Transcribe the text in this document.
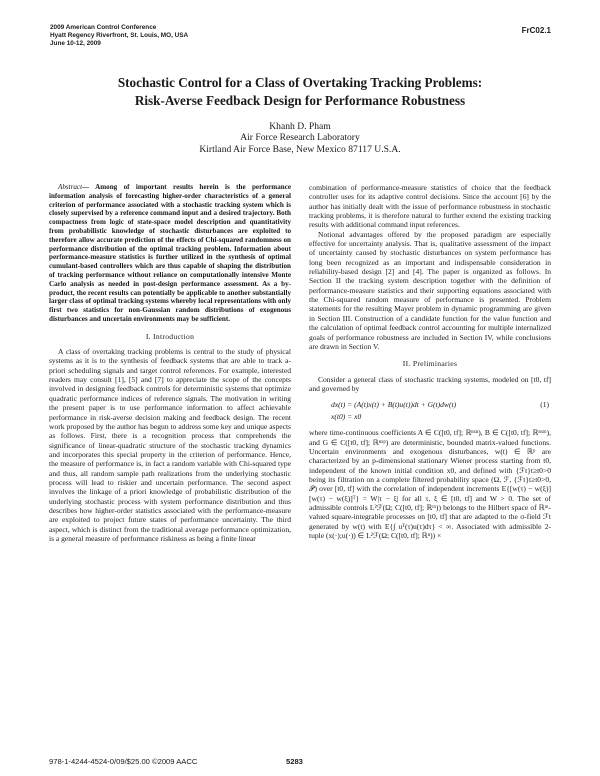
2009 American Control Conference
Hyatt Regency Riverfront, St. Louis, MO, USA
June 10-12, 2009
FrC02.1
Stochastic Control for a Class of Overtaking Tracking Problems:
Risk-Averse Feedback Design for Performance Robustness
Khanh D. Pham
Air Force Research Laboratory
Kirtland Air Force Base, New Mexico 87117 U.S.A.

Abstract— Among of important results herein is the performance information analysis of forecasting higher-order characteristics of a general criterion of performance associated with a stochastic tracking system which is closely supervised by a reference command input and a desired trajectory. Both compactness from logic of state-space model description and quantitativity from probabilistic knowledge of stochastic disturbances are exploited to therefore allow accurate prediction of the effects of Chi-squared randomness on performance distribution of the optimal tracking problem. Information about performance-measure statistics is further utilized in the synthesis of optimal cumulant-based controllers which are thus capable of shaping the distribution of tracking performance without reliance on computationally intensive Monte Carlo analysis as needed in post-design performance assessment. As a by-product, the recent results can potentially be applicable to another substantially larger class of optimal tracking systems whereby local representations with only first two statistics for non-Gaussian random distributions of exogenous disturbances and uncertain environments may be sufficient.

I. Introduction

A class of overtaking tracking problems is central to the study of physical systems as it is to the synthesis of feedback systems that are able to track a-priori scheduling signals and target control references. For example, interested readers may consult [1], [5] and [7] to appreciate the scope of the concepts involved in designing feedback controls for deterministic systems that optimize quadratic performance indices of reference signals. The motivation in writing the present paper is to use performance information to affect achievable performance in risk-averse decision making and feedback design. The recent work proposed by the author has begun to address some key and unique aspects as follows. First, there is a recognition process that comprehends the significance of linear-quadratic structure of the stochastic tracking dynamics and incorporates this special property in the criterion of performance. Hence, the measure of performance is, in fact a random variable with Chi-squared type and thus, all random sample path realizations from the underlying stochastic process will lead to riskier and uncertain performance. The second aspect involves the linkage of a priori knowledge of probabilistic distribution of the underlying stochastic process with system performance distribution and thus describes how higher-order statistics associated with the performance-measure are exploited to project future states of performance uncertainty. The third aspect, which is distinct from the traditional average performance optimization, is a general measure of performance riskiness as being a finite linear

combination of performance-measure statistics of choice that the feedback controller uses for its adaptive control decisions. Since the account [6] by the author has initially dealt with the issue of performance robustness in stochastic tracking problems, it is therefore natural to further extend the existing tracking results with additional command input references.

Notional advantages offered by the proposed paradigm are especially effective for uncertainty analysis. That is, qualitative assessment of the impact of uncertainty caused by stochastic disturbances on system performance has long been recognized as an important and indispensable consideration in reliability-based design [2] and [4]. The paper is organized as follows. In Section II the tracking system description together with the definition of performance-measure statistics and their supporting equations associated with the Chi-squared random measure of performance is presented. Problem statements for the resulting Mayer problem in dynamic programming are given in Section III. Construction of a candidate function for the value function and the calculation of optimal feedback control accounting for multiple internalized goals of performance robustness are included in Section IV, while conclusions are drawn in Section V.

II. Preliminaries

Consider a general class of stochastic tracking systems, modeled on [t0, tf] and governed by

dx(t) = (A(t)x(t) + B(t)u(t))dt + G(t)dw(t)
x(t0) = x0
(1)

where time-continuous coefficients A ∈ C([t0, tf]; ℝⁿˣⁿ), B ∈ C([t0, tf]; ℝⁿˣᵐ), and G ∈ C([t0, tf]; ℝⁿˣᵖ) are deterministic, bounded matrix-valued functions. Uncertain environments and exogenous disturbances, w(t) ∈ ℝᵖ are characterized by an p-dimensional stationary Wiener process starting from t0, independent of the known initial condition x0, and defined with {ℱt}t≥t0>0 being its filtration on a complete filtered probability space (Ω, ℱ, {ℱt}t≥t0>0, 𝒫) over [t0, tf] with the correlation of independent increments E{[w(τ) − w(ξ)][w(τ) − w(ξ)]ᵀ} = W|τ − ξ| for all τ, ξ ∈ [t0, tf] and W > 0. The set of admissible controls L²ℱ(Ω; C([t0, tf]; ℝᵐ)) belongs to the Hilbert space of ℝᵐ-valued square-integrable processes on [t0, tf] that are adapted to the σ-field ℱt generated by w(t) with E{∫ uᵀ(τ)u(τ)dτ} < ∞. Associated with admissible 2-tuple (x(·);u(·)) ∈ L²ℱ(Ω; C([t0, tf]; ℝⁿ)) ×

978-1-4244-4524-0/09/$25.00 ©2009 AACC	5283
